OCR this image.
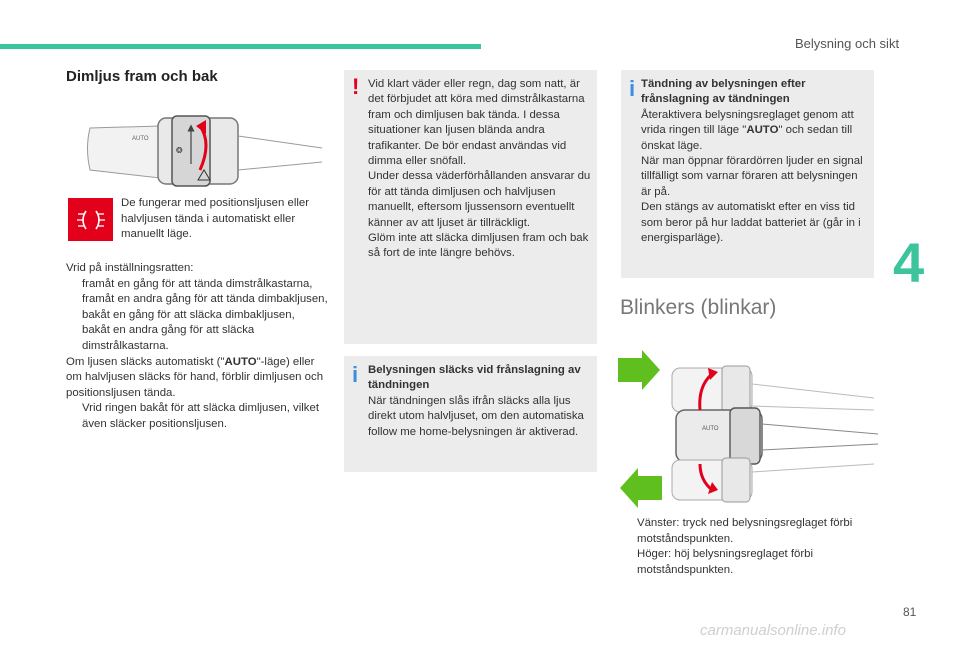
Belysning och sikt
4
81
Dimljus fram och bak
AUTO
❂
De fungerar med positionsljusen eller halvljusen tända i automatiskt eller manuellt läge.

Vrid på inställningsratten:

framåt en gång för att tända dimstrålkastarna,
framåt en andra gång för att tända dimbakljusen,
bakåt en gång för att släcka dimbakljusen,
bakåt en andra gång för att släcka dimstrålkastarna.

Om ljusen släcks automatiskt ("AUTO"-läge) eller om halvljusen släcks för hand, förblir dimljusen och positionsljusen tända.

Vrid ringen bakåt för att släcka dimljusen, vilket även släcker positionsljusen.
! Vid klart väder eller regn, dag som natt, är det förbjudet att köra med dimstrålkastarna fram och dimljusen bak tända. I dessa situationer kan ljusen blända andra trafikanter. De bör endast användas vid dimma eller snöfall.

Under dessa väderförhållanden ansvarar du för att tända dimljusen och halvljusen manuellt, eftersom ljussensorn eventuellt känner av att ljuset är tillräckligt.

Glöm inte att släcka dimljusen fram och bak så fort de inte längre behövs.

i Belysningen släcks vid frånslagning av tändningen

När tändningen slås ifrån släcks alla ljus direkt utom halvljuset, om den automatiska follow me home-belysningen är aktiverad.

i Tändning av belysningen efter frånslagning av tändningen

Återaktivera belysningsreglaget genom att vrida ringen till läge "AUTO" och sedan till önskat läge.

När man öppnar förardörren ljuder en signal tillfälligt som varnar föraren att belysningen är på.

Den stängs av automatiskt efter en viss tid som beror på hur laddat batteriet är (går in i energisparläge).

Blinkers (blinkar)
AUTO
Vänster: tryck ned belysningsreglaget förbi motståndspunkten.
Höger: höj belysningsreglaget förbi motståndspunkten.
carmanualsonline.info
